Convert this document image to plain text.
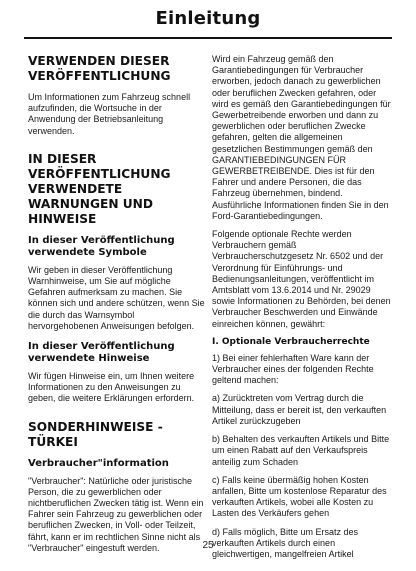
Einleitung
VERWENDEN DIESER VERÖFFENTLICHUNG

Um Informationen zum Fahrzeug schnell aufzufinden, die Wortsuche in der Anwendung der Betriebsanleitung verwenden.

IN DIESER VERÖFFENTLICHUNG VERWENDETE WARNUNGEN UND HINWEISE
In dieser Veröffentlichung verwendete Symbole

Wir geben in dieser Veröffentlichung Warnhinweise, um Sie auf mögliche Gefahren aufmerksam zu machen. Sie können sich und andere schützen, wenn Sie die durch das Warnsymbol hervorgehobenen Anweisungen befolgen.

In dieser Veröffentlichung verwendete Hinweise

Wir fügen Hinweise ein, um Ihnen weitere Informationen zu den Anweisungen zu geben, die weitere Erklärungen erfordern.

SONDERHINWEISE - TÜRKEI
Verbraucher"information

"Verbraucher": Natürliche oder juristische Person, die zu gewerblichen oder nichtberuflichen Zwecken tätig ist. Wenn ein Fahrer sein Fahrzeug zu gewerblichen oder beruflichen Zwecken, in Voll- oder Teilzeit, fährt, kann er im rechtlichen Sinne nicht als "Verbraucher" eingestuft werden.

Wird ein Fahrzeug gemäß den Garantiebedingungen für Verbraucher erworben, jedoch danach zu gewerblichen oder beruflichen Zwecken gefahren, oder wird es gemäß den Garantiebedingungen für Gewerbetreibende erworben und dann zu gewerblichen oder beruflichen Zwecke gefahren, gelten die allgemeinen gesetzlichen Bestimmungen gemäß den GARANTIEBEDINGUNGEN FÜR GEWERBETREIBENDE. Dies ist für den Fahrer und andere Personen, die das Fahrzeug übernehmen, bindend. Ausführliche Informationen finden Sie in den Ford-Garantiebedingungen.

Folgende optionale Rechte werden Verbrauchern gemäß Verbraucherschutzgesetz Nr. 6502 und der Verordnung für Einführungs- und Bedienungsanleitungen, veröffentlicht im Amtsblatt vom 13.6.2014 und Nr. 29029 sowie Informationen zu Behörden, bei denen Verbraucher Beschwerden und Einwände einreichen können, gewährt:

I. Optionale Verbraucherrechte

1) Bei einer fehlerhaften Ware kann der Verbraucher eines der folgenden Rechte geltend machen:

a) Zurücktreten vom Vertrag durch die Mitteilung, dass er bereit ist, den verkauften Artikel zurückzugeben

b) Behalten des verkauften Artikels und Bitte um einen Rabatt auf den Verkaufspreis anteilig zum Schaden

c) Falls keine übermäßig hohen Kosten anfallen, Bitte um kostenlose Reparatur des verkauften Artikels, wobei alle Kosten zu Lasten des Verkäufers gehen

d) Falls möglich, Bitte um Ersatz des verkauften Artikels durch einen gleichwertigen, mangelfreien Artikel

25
